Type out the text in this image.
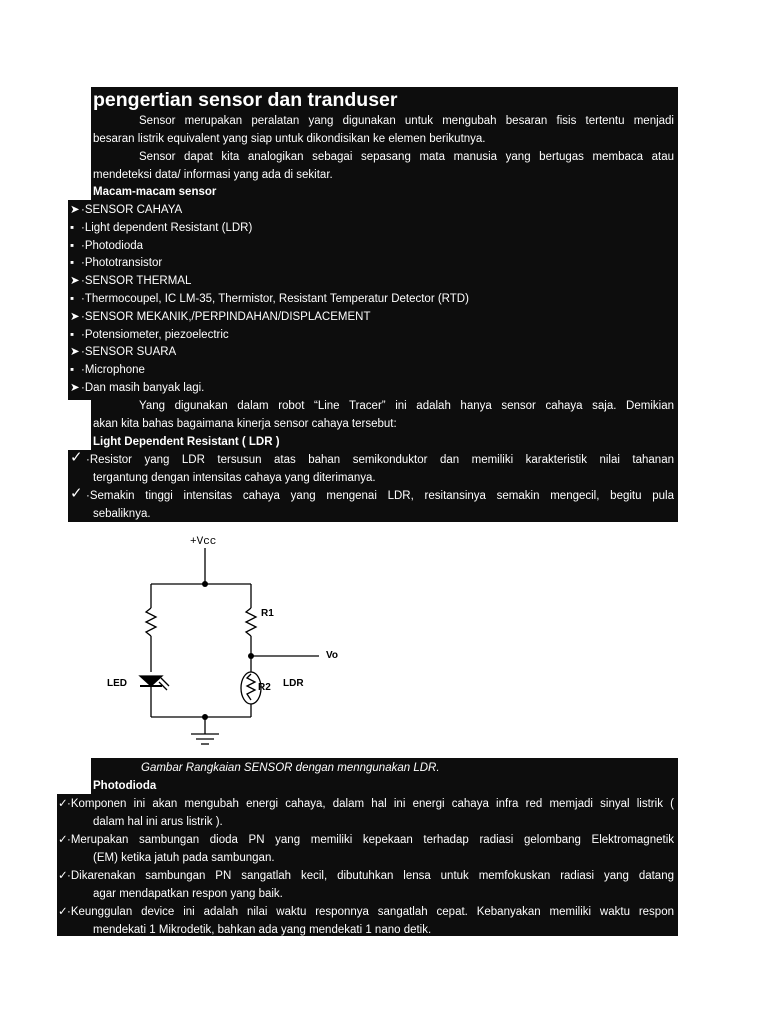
pengertian sensor dan tranduser
Sensor merupakan peralatan yang digunakan untuk mengubah besaran fisis tertentu menjadi
besaran listrik equivalent yang siap untuk dikondisikan ke elemen berikutnya.
Sensor dapat kita analogikan sebagai sepasang mata manusia yang bertugas membaca atau
mendeteksi data/ informasi yang ada di sekitar.
Macam-macam sensor
➤·SENSOR CAHAYA
▪ ·Light dependent Resistant (LDR)
▪ ·Photodioda
▪ ·Phototransistor
➤·SENSOR THERMAL
▪ ·Thermocoupel, IC LM-35, Thermistor, Resistant Temperatur Detector (RTD)
➤·SENSOR MEKANIK,/PERPINDAHAN/DISPLACEMENT
▪ ·Potensiometer, piezoelectric
➤·SENSOR SUARA
▪ ·Microphone
➤·Dan masih banyak lagi.
Yang digunakan dalam robot “Line Tracer” ini adalah hanya sensor cahaya saja. Demikian
akan kita bahas bagaimana kinerja sensor cahaya tersebut:
Light Dependent Resistant ( LDR )
✓ ·Resistor yang LDR tersusun atas bahan semikonduktor dan memiliki karakteristik nilai tahanan
tergantung dengan intensitas cahaya yang diterimanya.
✓ ·Semakin tinggi intensitas cahaya yang mengenai LDR, resitansinya semakin mengecil, begitu pula
sebaliknya.
+Vcc
R1
Vo
LED	R2 LDR
Gambar Rangkaian SENSOR dengan menngunakan LDR.
Photodioda
✓ ·Komponen ini akan mengubah energi cahaya, dalam hal ini energi cahaya infra red memjadi sinyal listrik (
dalam hal ini arus listrik ).
✓ ·Merupakan sambungan dioda PN yang memiliki kepekaan terhadap radiasi gelombang Elektromagnetik
(EM) ketika jatuh pada sambungan.
✓ ·Dikarenakan sambungan PN sangatlah kecil, dibutuhkan lensa untuk memfokuskan radiasi yang datang
agar mendapatkan respon yang baik.
✓ ·Keunggulan device ini adalah nilai waktu responnya sangatlah cepat. Kebanyakan memiliki waktu respon
mendekati 1 Mikrodetik, bahkan ada yang mendekati 1 nano detik.
